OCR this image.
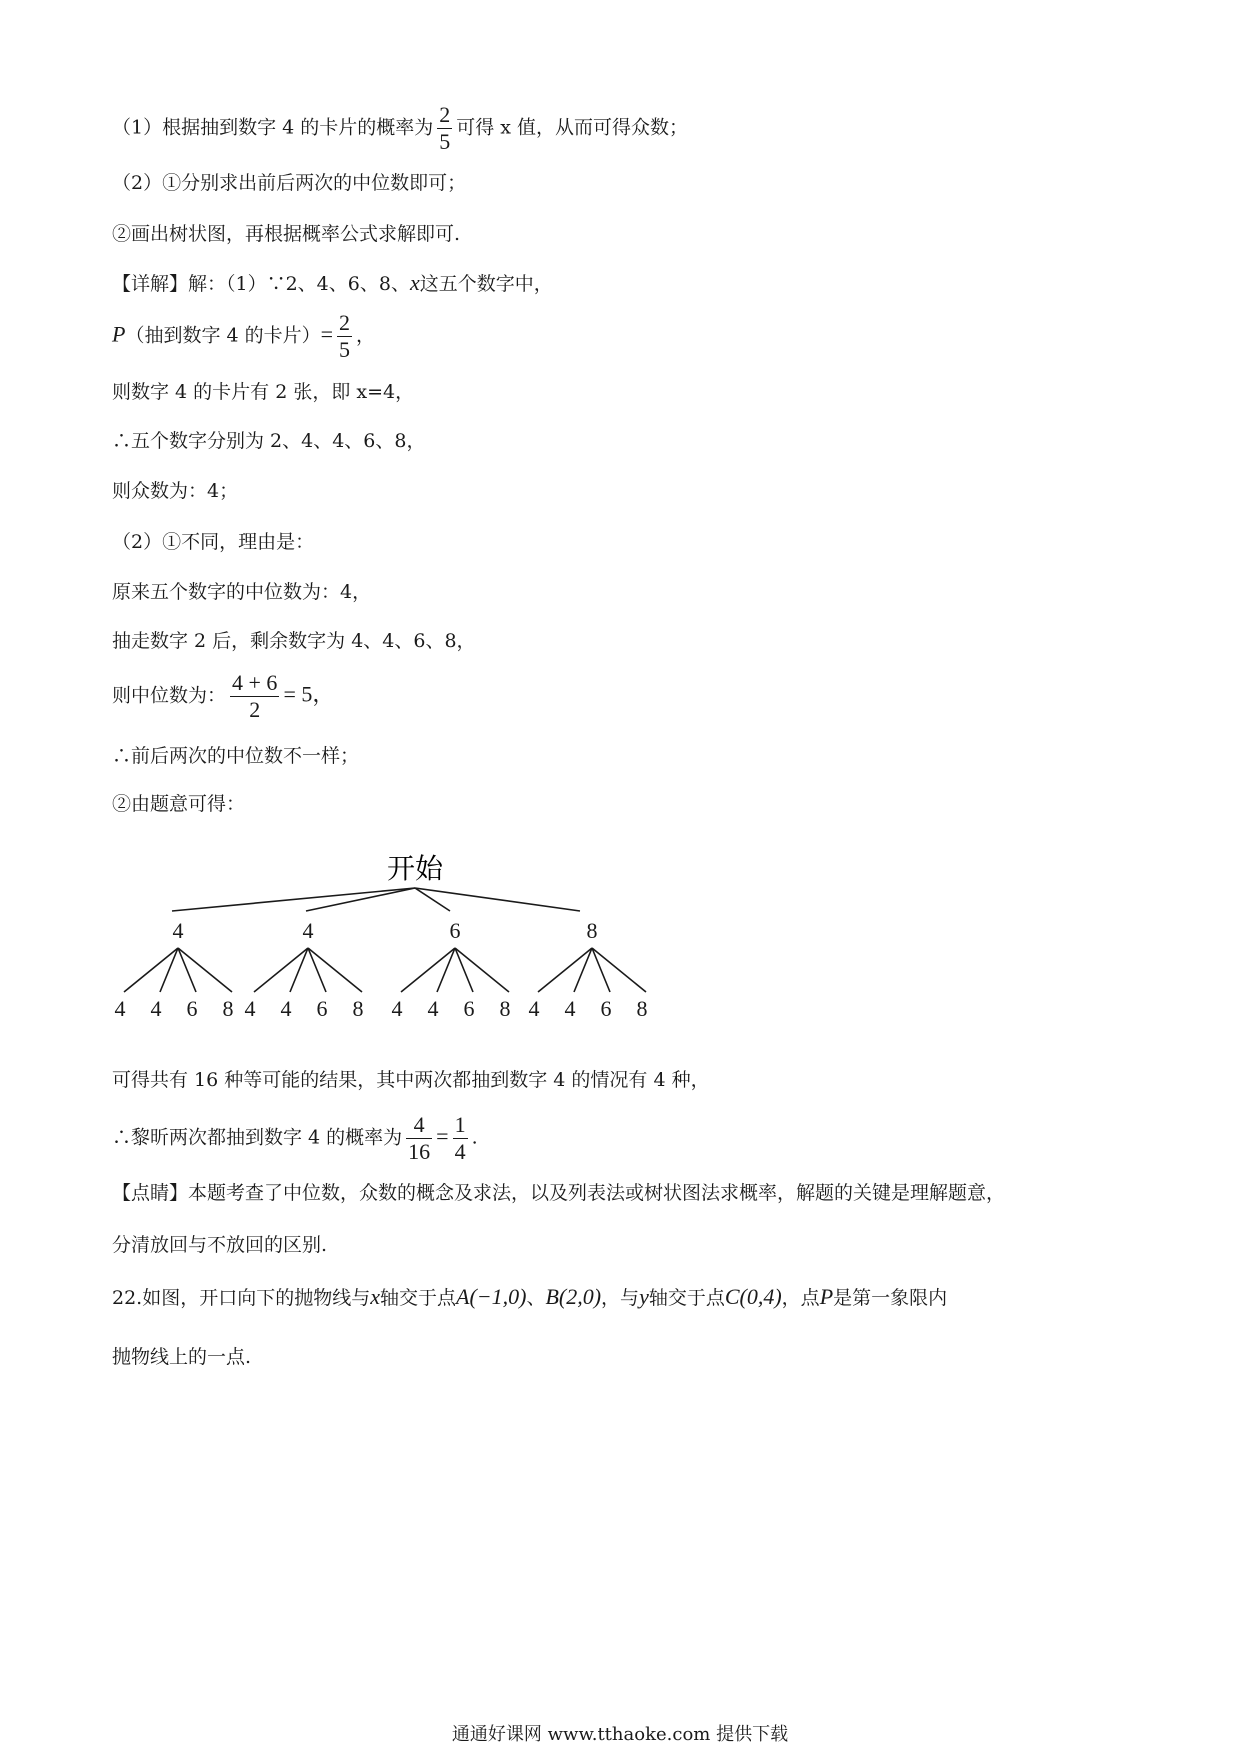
（1）根据抽到数字 4 的卡片的概率为 $\frac{2}{5}$ 可得 x 值，从而可得众数；
（2）①分别求出前后两次的中位数即可；
②画出树状图，再根据概率公式求解即可.
【详解】解：（1）∵2、4、6、8、x这五个数字中，
P（抽到数字 4 的卡片）= $\frac{2}{5}$ ，
则数字 4 的卡片有 2 张，即 x=4，
∴五个数字分别为 2、4、4、6、8，
则众数为：4；
（2）①不同，理由是：
原来五个数字的中位数为：4，
抽走数字 2 后，剩余数字为 4、4、6、8，
则中位数为： $\frac{4 + 6}{2} = 5$，
∴前后两次的中位数不一样；
②由题意可得：
开始
4
4 4 6 8
4
4 4 6 8
6
4 4 6 8
8
4 4 6 8
可得共有 16 种等可能的结果，其中两次都抽到数字 4 的情况有 4 种，
∴黎昕两次都抽到数字 4 的概率为 $\frac{4}{16} = \frac{1}{4}$ .
【点睛】本题考查了中位数，众数的概念及求法，以及列表法或树状图法求概率，解题的关键是理解题意，
分清放回与不放回的区别.
22.如图，开口向下的抛物线与x轴交于点A(−1,0)、B(2,0)，与y轴交于点C(0,4)，点P是第一象限内
抛物线上的一点.
通通好课网 www.tthaoke.com 提供下载
